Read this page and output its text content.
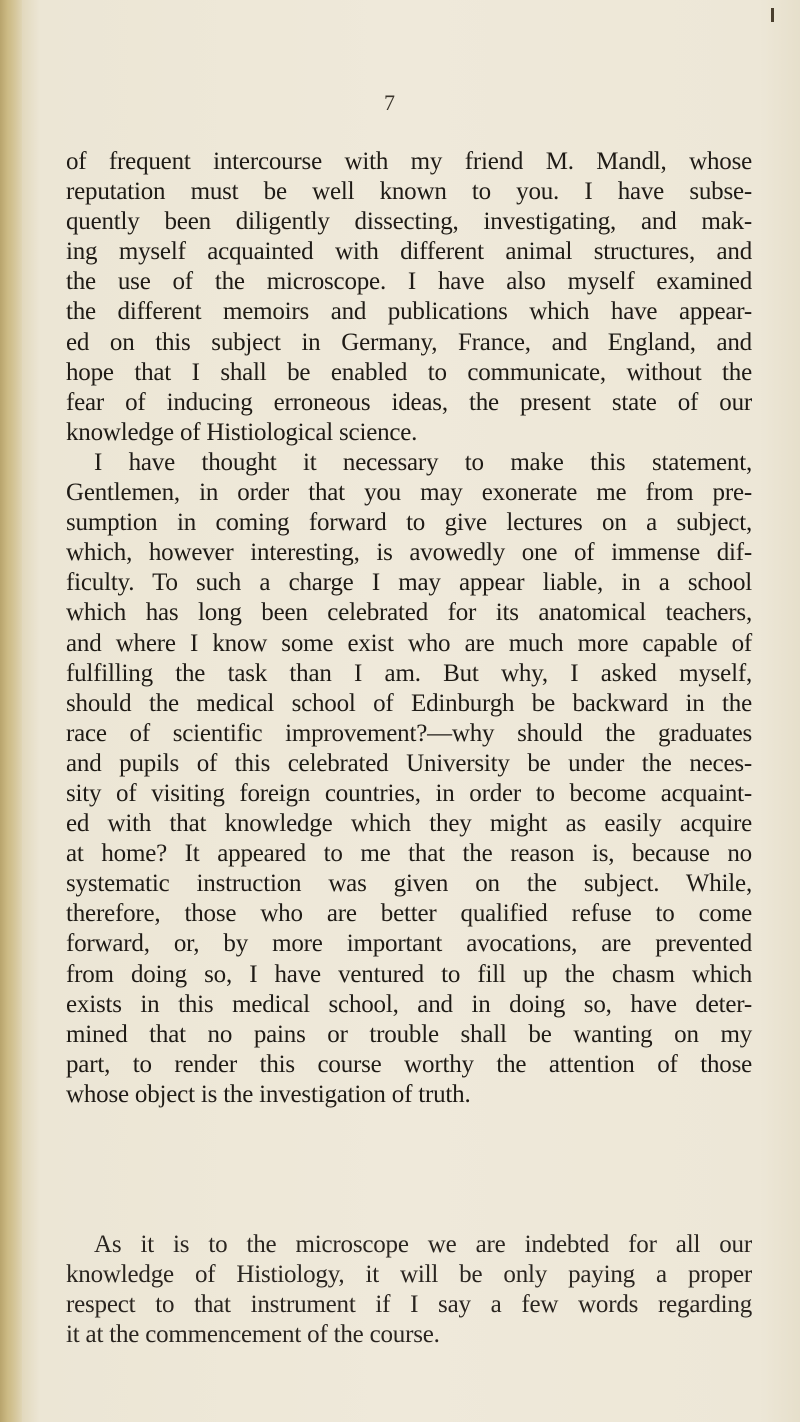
7
of frequent intercourse with my friend M. Mandl, whose
reputation must be well known to you. I have subse-
quently been diligently dissecting, investigating, and mak-
ing myself acquainted with different animal structures, and
the use of the microscope. I have also myself examined
the different memoirs and publications which have appear-
ed on this subject in Germany, France, and England, and
hope that I shall be enabled to communicate, without the
fear of inducing erroneous ideas, the present state of our
knowledge of Histiological science.
I have thought it necessary to make this statement,
Gentlemen, in order that you may exonerate me from pre-
sumption in coming forward to give lectures on a subject,
which, however interesting, is avowedly one of immense dif-
ficulty. To such a charge I may appear liable, in a school
which has long been celebrated for its anatomical teachers,
and where I know some exist who are much more capable of
fulfilling the task than I am. But why, I asked myself,
should the medical school of Edinburgh be backward in the
race of scientific improvement?—why should the graduates
and pupils of this celebrated University be under the neces-
sity of visiting foreign countries, in order to become acquaint-
ed with that knowledge which they might as easily acquire
at home? It appeared to me that the reason is, because no
systematic instruction was given on the subject. While,
therefore, those who are better qualified refuse to come
forward, or, by more important avocations, are prevented
from doing so, I have ventured to fill up the chasm which
exists in this medical school, and in doing so, have deter-
mined that no pains or trouble shall be wanting on my
part, to render this course worthy the attention of those
whose object is the investigation of truth.
As it is to the microscope we are indebted for all our
knowledge of Histiology, it will be only paying a proper
respect to that instrument if I say a few words regarding
it at the commencement of the course.
